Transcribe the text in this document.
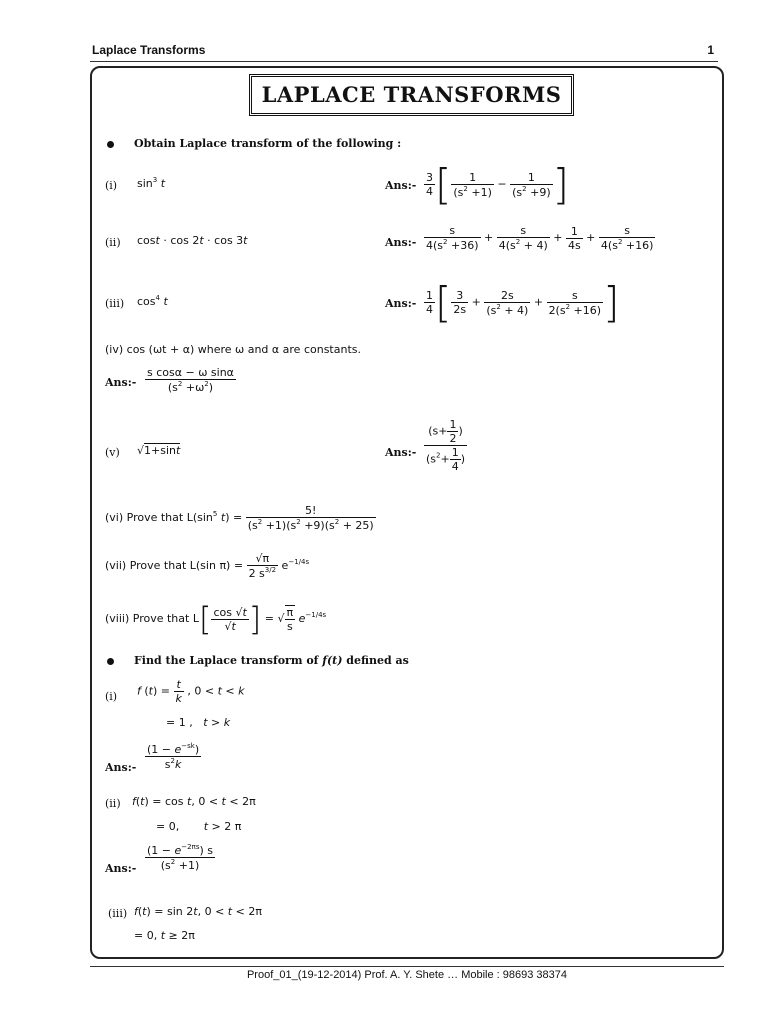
Laplace Transforms	1
LAPLACE TRANSFORMS
Obtain Laplace transform of the following :
(i) $\sin^3 t$	Ans:- $\frac{3}{4}$ [ $\frac{1}{(s^2 +1)} - \frac{1}{(s^2 +9)}$ ]
(ii) cost · cos 2t · cos 3t	Ans:- $\frac{s}{4(s^2 +36)} + \frac{s}{4(s^2 + 4)} + \frac{1}{4s} + \frac{s}{4(s^2 +16)}$
(iii) $\cos^4 t$	Ans:- $\frac{1}{4}$ [ $\frac{3}{2s} + \frac{2s}{(s^2 + 4)} + \frac{s}{2(s^2 +16)}$ ]
(iv) cos (ωt + α) where ω and α are constants.
Ans:- $\frac{\text{s cosα − ω sinα}}{(s^2 +\omega^2)}$
(v) √1+sint	Ans:- $\frac{(s+ \frac{1}{2} )}{(s^2+ \frac{1}{4} )}$
(vi) Prove that $L(\sin^5$ $t) = \frac{5!}{(s^2 +1)(s^2 +9)(s^2 + 25)}$
(vii) Prove that L(sin $\pi) = \frac{√\pi}{2 s^{3/2}} e^{-1/4s}$
(viii) Prove that $L[ \frac{\cos √t}{√t}$ ] = √ $\frac{\pi}{s} e^{-1/4s}$
Find the Laplace transform of f(t) defined as
(i) f $(t) = \frac{t}{k}$ , 0 < t < k
= 1 ,   t > k
Ans:- $\frac{(1 - e^{-sk})}{s^2k}$
(ii) f(t) = cos t, 0 < t < 2π
= 0,       t > 2 π
Ans:- $\frac{(1 - e^{-2\pi s}) s}{(s^2 +1)}$
(iii) f(t) = sin 2t, 0 < t < 2π
= 0, t ≥ 2π
Proof_01_(19-12-2014) Prof. A. Y. Shete … Mobile : 98693 38374
